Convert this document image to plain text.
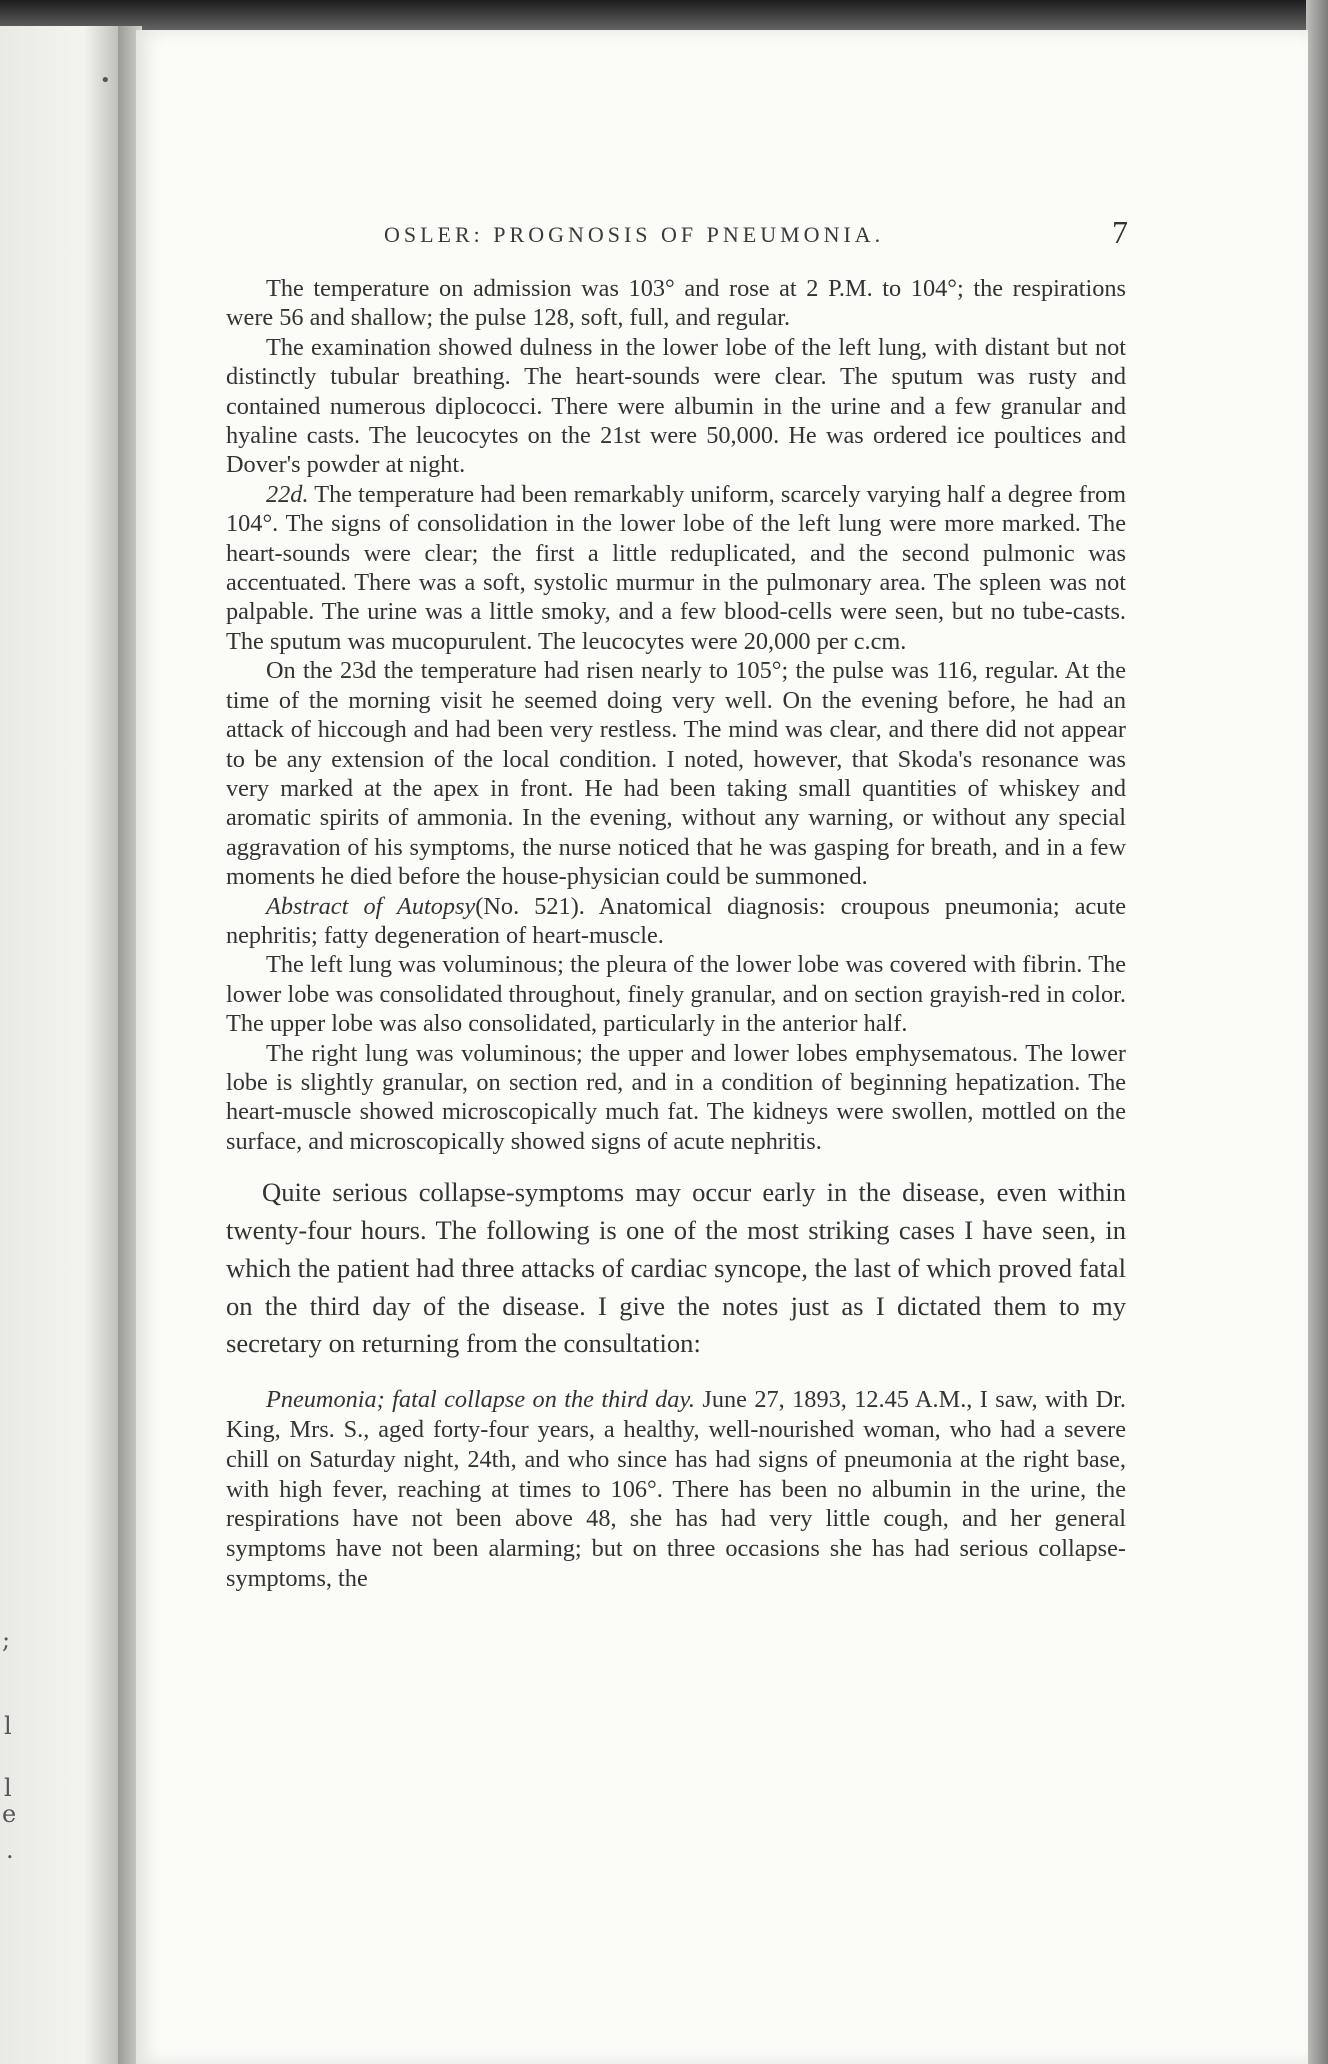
•
;
l
l
e
.
OSLER: PROGNOSIS OF PNEUMONIA.	7

The temperature on admission was 103° and rose at 2 P.M. to 104°; the respirations were 56 and shallow; the pulse 128, soft, full, and regular.

The examination showed dulness in the lower lobe of the left lung, with distant but not distinctly tubular breathing. The heart-sounds were clear. The sputum was rusty and contained numerous diplococci. There were albumin in the urine and a few granular and hyaline casts. The leucocytes on the 21st were 50,000. He was ordered ice poultices and Dover's powder at night.

22d. The temperature had been remarkably uniform, scarcely varying half a degree from 104°. The signs of consolidation in the lower lobe of the left lung were more marked. The heart-sounds were clear; the first a little reduplicated, and the second pulmonic was accentuated. There was a soft, systolic murmur in the pulmonary area. The spleen was not palpable. The urine was a little smoky, and a few blood-cells were seen, but no tube-casts. The sputum was mucopurulent. The leucocytes were 20,000 per c.cm.

On the 23d the temperature had risen nearly to 105°; the pulse was 116, regular. At the time of the morning visit he seemed doing very well. On the evening before, he had an attack of hiccough and had been very restless. The mind was clear, and there did not appear to be any extension of the local condition. I noted, however, that Skoda's resonance was very marked at the apex in front. He had been taking small quantities of whiskey and aromatic spirits of ammonia. In the evening, without any warning, or without any special aggravation of his symptoms, the nurse noticed that he was gasping for breath, and in a few moments he died before the house-physician could be summoned.

Abstract of Autopsy(No. 521). Anatomical diagnosis: croupous pneumonia; acute nephritis; fatty degeneration of heart-muscle.

The left lung was voluminous; the pleura of the lower lobe was covered with fibrin. The lower lobe was consolidated throughout, finely granular, and on section grayish-red in color. The upper lobe was also consolidated, particularly in the anterior half.

The right lung was voluminous; the upper and lower lobes emphysematous. The lower lobe is slightly granular, on section red, and in a condition of beginning hepatization. The heart-muscle showed microscopically much fat. The kidneys were swollen, mottled on the surface, and microscopically showed signs of acute nephritis.

Quite serious collapse-symptoms may occur early in the disease, even within twenty-four hours. The following is one of the most striking cases I have seen, in which the patient had three attacks of cardiac syncope, the last of which proved fatal on the third day of the disease. I give the notes just as I dictated them to my secretary on returning from the consultation:

Pneumonia; fatal collapse on the third day. June 27, 1893, 12.45 A.M., I saw, with Dr. King, Mrs. S., aged forty-four years, a healthy, well-nourished woman, who had a severe chill on Saturday night, 24th, and who since has had signs of pneumonia at the right base, with high fever, reaching at times to 106°. There has been no albumin in the urine, the respirations have not been above 48, she has had very little cough, and her general symptoms have not been alarming; but on three occasions she has had serious collapse-symptoms, the
